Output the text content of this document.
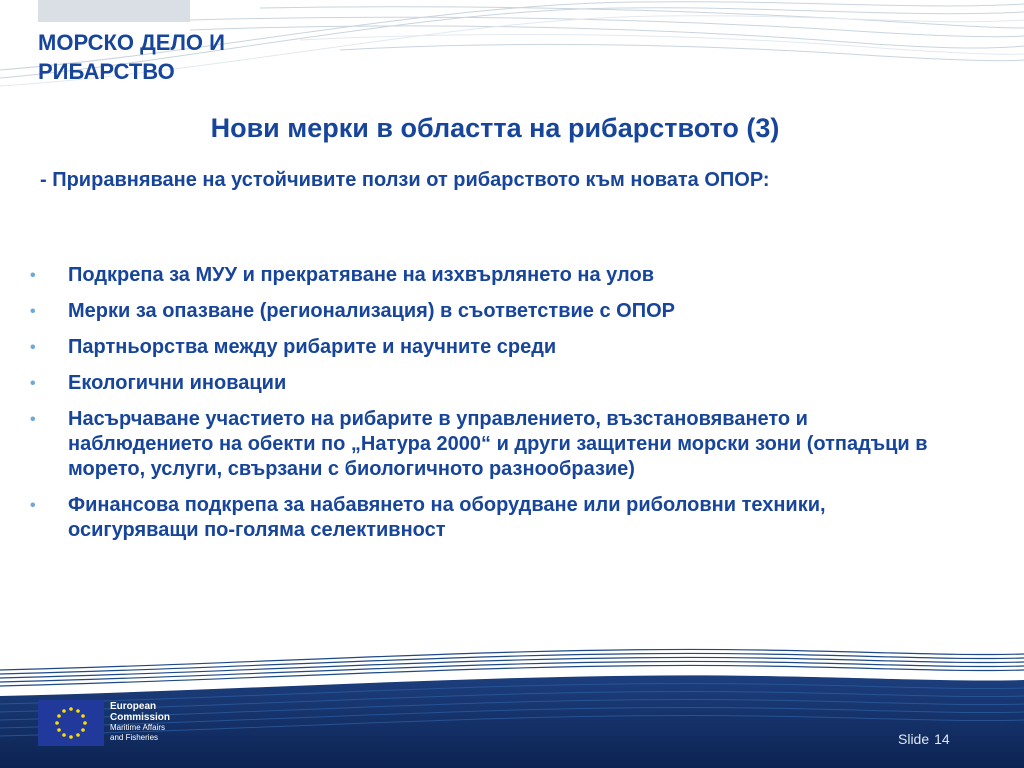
МОРСКО ДЕЛО И
РИБАРСТВО
Нови мерки в областта на рибарството (3)

- Приравняване на устойчивите ползи от рибарството към новата ОПОР:

•	Подкрепа за МУУ и прекратяване на изхвърлянето на улов
•	Мерки за опазване (регионализация) в съответствие с ОПОР
•	Партньорства между рибарите и научните среди
•	Екологични иновации
•	Насърчаване участието на рибарите в управлението, възстановяването и наблюдението на обекти по „Натура 2000“ и други защитени морски зони (отпадъци в морето, услуги, свързани с биологичното разнообразие)
•	Финансова подкрепа за набавянето на оборудване или риболовни техники, осигуряващи по-голяма селективност
European
Commission
Maritime Affairs
and Fisheries	Slide 14
